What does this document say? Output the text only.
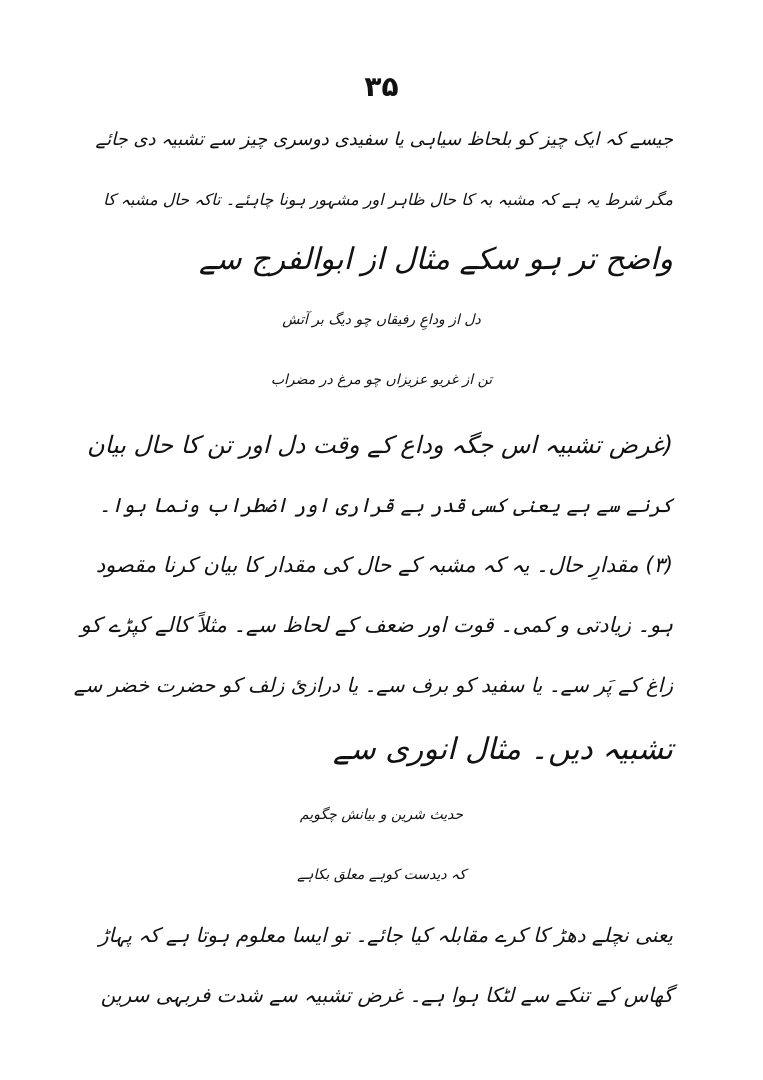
۳۵
جیسے کہ ایک چیز کو بلحاظ سیاہی یا سفیدی دوسری چیز سے تشبیہ دی جائے
مگر شرط یہ ہے کہ مشبہ بہ کا حال ظاہر اور مشہور ہونا چاہئے۔ تاکہ حال مشبہ کا
واضح تر ہو سکے مثال از ابوالفرج سے
دل از وداعِ رفیقاں چو دیگ بر آتش
تن از غریو عزیزاں چو مرغ در مضراب
(غرض تشبیہ اس جگہ وداع کے وقت دل اور تن کا حال بیان
کرنے سے ہے یعنی کسی قدر بے قراری اور اضطراب ونما ہوا۔
(۳) مقدارِ حال۔ یہ کہ مشبہ کے حال کی مقدار کا بیان کرنا مقصود
ہو۔ زیادتی و کمی۔ قوت اور ضعف کے لحاظ سے۔ مثلاً کالے کپڑے کو
زاغ کے پَر سے۔ یا سفید کو برف سے۔ یا درازیٔ زلف کو حضرت خضر سے
تشبیہ دیں۔ مثال انوری سے
حدیث شرین و بیانش چگویم
کہ دیدست کوہے معلق بکاہے
یعنی نچلے دھڑ کا کرے مقابلہ کیا جائے۔ تو ایسا معلوم ہوتا ہے کہ پہاڑ
گھاس کے تنکے سے لٹکا ہوا ہے۔ غرض تشبیہ سے شدت فربہی سرین
